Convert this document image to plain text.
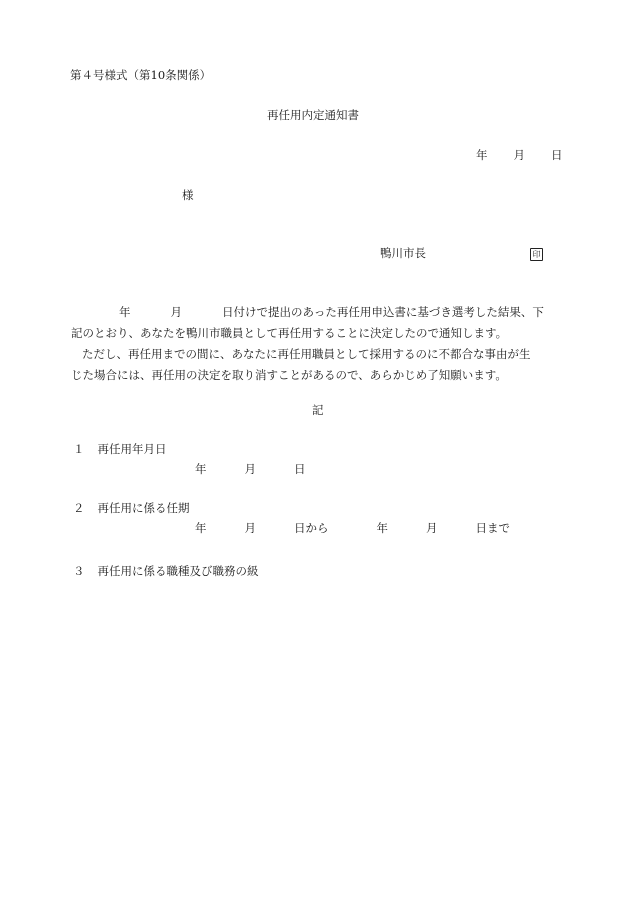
第４号様式（第10条関係）
再任用内定通知書
年 月 日
様
鴨川市長	印

年	月	日付けで提出のあった再任用申込書に基づき選考した結果、下

記のとおり、あなたを鴨川市職員として再任用することに決定したので通知します。

ただし、再任用までの間に、あなたに再任用職員として採用するのに不都合な事由が生

じた場合には、再任用の決定を取り消すことがあるので、あらかじめ了知願います。

記
１ 再任用年月日
年	月	日
２ 再任用に係る任期
年	月	日から	年	月	日まで
３ 再任用に係る職種及び職務の級
